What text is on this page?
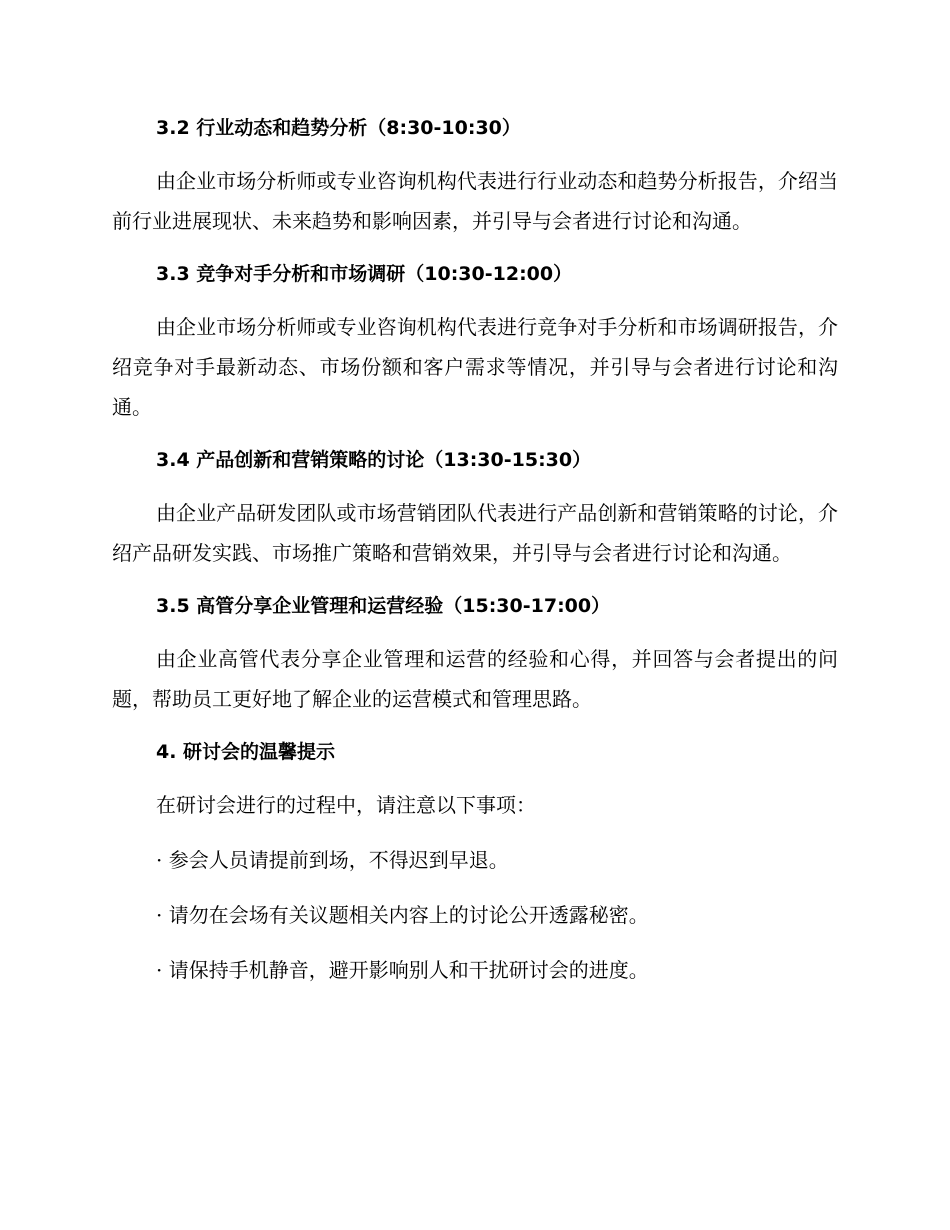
3.2 行业动态和趋势分析（8:30-10:30）
由企业市场分析师或专业咨询机构代表进行行业动态和趋势分析报告，介绍当前行业进展现状、未来趋势和影响因素，并引导与会者进行讨论和沟通。
3.3 竞争对手分析和市场调研（10:30-12:00）
由企业市场分析师或专业咨询机构代表进行竞争对手分析和市场调研报告，介绍竞争对手最新动态、市场份额和客户需求等情况，并引导与会者进行讨论和沟通。
3.4 产品创新和营销策略的讨论（13:30-15:30）
由企业产品研发团队或市场营销团队代表进行产品创新和营销策略的讨论，介绍产品研发实践、市场推广策略和营销效果，并引导与会者进行讨论和沟通。
3.5 高管分享企业管理和运营经验（15:30-17:00）
由企业高管代表分享企业管理和运营的经验和心得，并回答与会者提出的问题，帮助员工更好地了解企业的运营模式和管理思路。
4. 研讨会的温馨提示
在研讨会进行的过程中，请注意以下事项：
· 参会人员请提前到场，不得迟到早退。
· 请勿在会场有关议题相关内容上的讨论公开透露秘密。
· 请保持手机静音，避开影响别人和干扰研讨会的进度。
